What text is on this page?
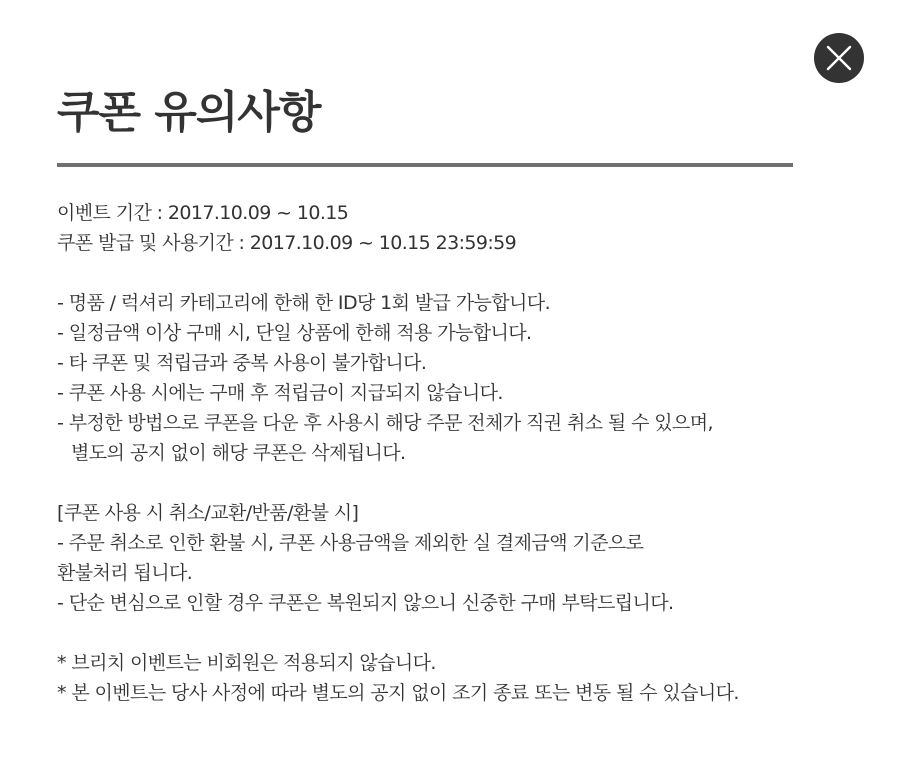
쿠폰 유의사항
이벤트 기간 : 2017.10.09 ~ 10.15
쿠폰 발급 및 사용기간 : 2017.10.09 ~ 10.15 23:59:59
- 명품 / 럭셔리 카테고리에 한해 한 ID당 1회 발급 가능합니다.
- 일정금액 이상 구매 시, 단일 상품에 한해 적용 가능합니다.
- 타 쿠폰 및 적립금과 중복 사용이 불가합니다.
- 쿠폰 사용 시에는 구매 후 적립금이 지급되지 않습니다.
- 부정한 방법으로 쿠폰을 다운 후 사용시 해당 주문 전체가 직권 취소 될 수 있으며,
별도의 공지 없이 해당 쿠폰은 삭제됩니다.
[쿠폰 사용 시 취소/교환/반품/환불 시]
- 주문 취소로 인한 환불 시, 쿠폰 사용금액을 제외한 실 결제금액 기준으로
환불처리 됩니다.
- 단순 변심으로 인할 경우 쿠폰은 복원되지 않으니 신중한 구매 부탁드립니다.
* 브리치 이벤트는 비회원은 적용되지 않습니다.
* 본 이벤트는 당사 사정에 따라 별도의 공지 없이 조기 종료 또는 변동 될 수 있습니다.
